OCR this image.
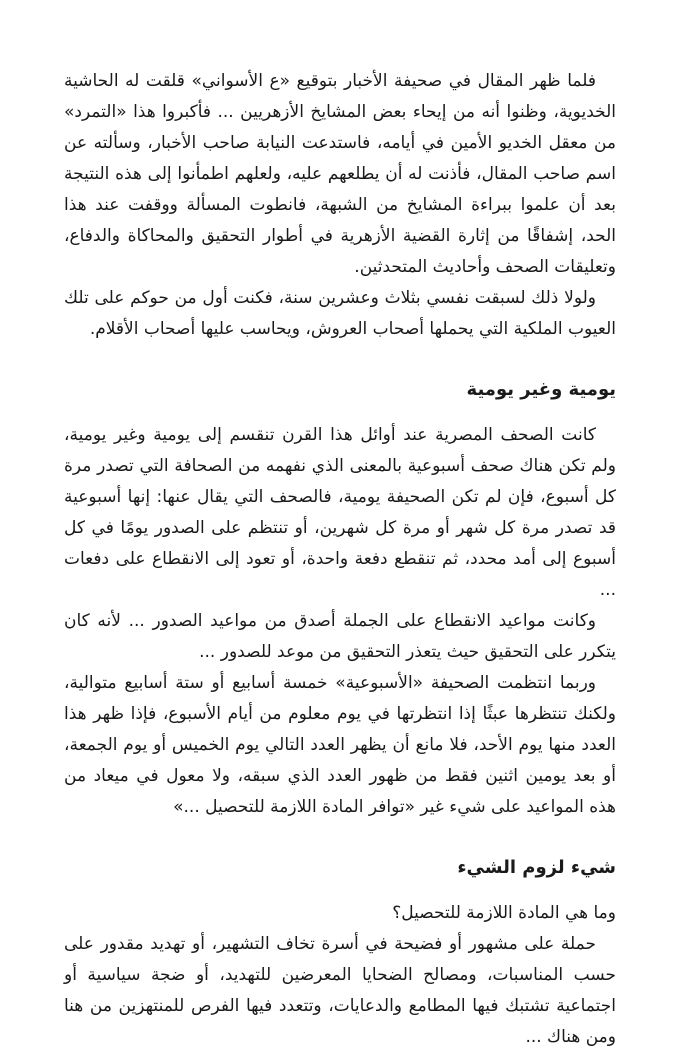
فلما ظهر المقال في صحيفة الأخبار بتوقيع «ع الأسواني» قلقت له الحاشية الخديوية، وظنوا أنه من إيحاء بعض المشايخ الأزهريين ... فأكبروا هذا «التمرد» من معقل الخديو الأمين في أيامه، فاستدعت النيابة صاحب الأخبار، وسألته عن اسم صاحب المقال، فأذنت له أن يطلعهم عليه، ولعلهم اطمأنوا إلى هذه النتيجة بعد أن علموا ببراءة المشايخ من الشبهة، فانطوت المسألة ووقفت عند هذا الحد، إشفاقًا من إثارة القضية الأزهرية في أطوار التحقيق والمحاكاة والدفاع، وتعليقات الصحف وأحاديث المتحدثين.

ولولا ذلك لسبقت نفسي بثلاث وعشرين سنة، فكنت أول من حوكم على تلك العيوب الملكية التي يحملها أصحاب العروش، ويحاسب عليها أصحاب الأقلام.

يومية وغير يومية

كانت الصحف المصرية عند أوائل هذا القرن تنقسم إلى يومية وغير يومية، ولم تكن هناك صحف أسبوعية بالمعنى الذي نفهمه من الصحافة التي تصدر مرة كل أسبوع، فإن لم تكن الصحيفة يومية، فالصحف التي يقال عنها: إنها أسبوعية قد تصدر مرة كل شهر أو مرة كل شهرين، أو تنتظم على الصدور يومًا في كل أسبوع إلى أمد محدد، ثم تنقطع دفعة واحدة، أو تعود إلى الانقطاع على دفعات ...

وكانت مواعيد الانقطاع على الجملة أصدق من مواعيد الصدور ... لأنه كان يتكرر على التحقيق حيث يتعذر التحقيق من موعد للصدور ...

وربما انتظمت الصحيفة «الأسبوعية» خمسة أسابيع أو ستة أسابيع متوالية، ولكنك تنتظرها عبثًا إذا انتظرتها في يوم معلوم من أيام الأسبوع، فإذا ظهر هذا العدد منها يوم الأحد، فلا مانع أن يظهر العدد التالي يوم الخميس أو يوم الجمعة، أو بعد يومين اثنين فقط من ظهور العدد الذي سبقه، ولا معول في ميعاد من هذه المواعيد على شيء غير «توافر المادة اللازمة للتحصيل ...»

شيء لزوم الشيء

وما هي المادة اللازمة للتحصيل؟

حملة على مشهور أو فضيحة في أسرة تخاف التشهير، أو تهديد مقدور على حسب المناسبات، ومصالح الضحايا المعرضين للتهديد، أو ضجة سياسية أو اجتماعية تشتبك فيها المطامع والدعايات، وتتعدد فيها الفرص للمنتهزين من هنا ومن هناك ...
